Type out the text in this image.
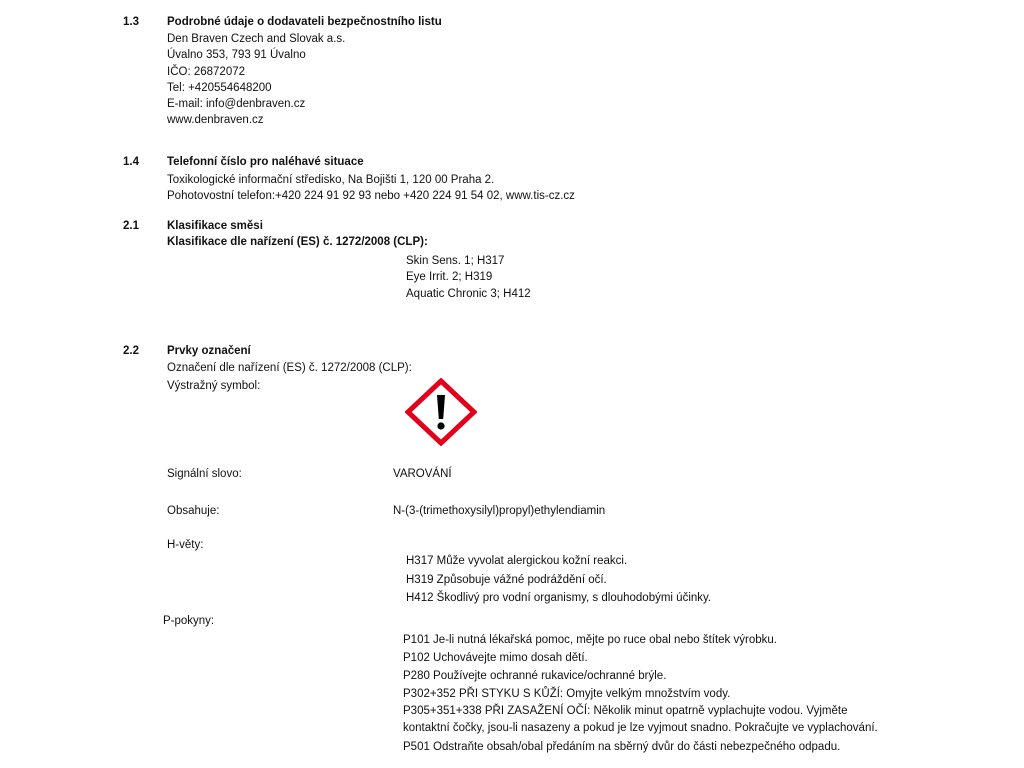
1.3 Podrobné údaje o dodavateli bezpečnostního listu
Den Braven Czech and Slovak a.s.
Úvalno 353, 793 91 Úvalno
IČO: 26872072
Tel: +420554648200
E-mail: info@denbraven.cz
www.denbraven.cz
1.4 Telefonní číslo pro naléhavé situace
Toxikologické informační středisko, Na Bojišti 1, 120 00 Praha 2.
Pohotovostní telefon:+420 224 91 92 93 nebo +420 224 91 54 02, www.tis-cz.cz
2.1 Klasifikace směsi
Klasifikace dle nařízení (ES) č. 1272/2008 (CLP):
Skin Sens. 1; H317
Eye Irrit. 2; H319
Aquatic Chronic 3; H412
2.2 Prvky označení
Označení dle nařízení (ES) č. 1272/2008 (CLP):
Výstražný symbol:
Signální slovo:	VAROVÁNÍ
Obsahuje:	N-(3-(trimethoxysilyl)propyl)ethylendiamin
H-věty:
H317 Může vyvolat alergickou kožní reakci.
H319 Způsobuje vážné podráždění očí.
H412 Škodlivý pro vodní organismy, s dlouhodobými účinky.
P-pokyny:
P101 Je-li nutná lékařská pomoc, mějte po ruce obal nebo štítek výrobku.
P102 Uchovávejte mimo dosah dětí.
P280 Používejte ochranné rukavice/ochranné brýle.
P302+352 PŘI STYKU S KŮŽÍ: Omyjte velkým množstvím vody.
P305+351+338 PŘI ZASAŽENÍ OČÍ: Několik minut opatrně vyplachujte vodou. Vyjměte
kontaktní čočky, jsou-li nasazeny a pokud je lze vyjmout snadno. Pokračujte ve vyplachování.
P501 Odstraňte obsah/obal předáním na sběrný dvůr do části nebezpečného odpadu.
